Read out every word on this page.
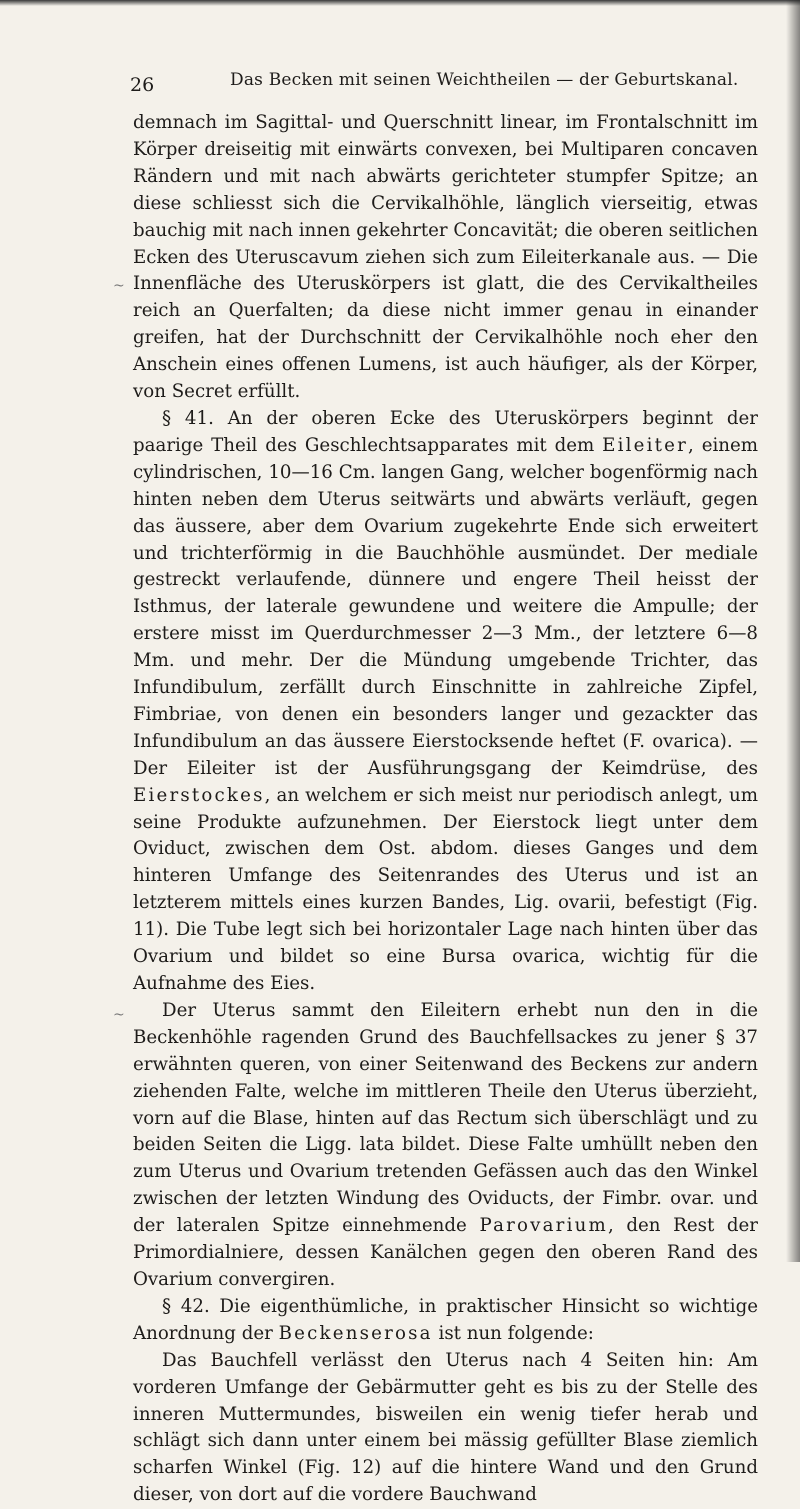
26	Das Becken mit seinen Weichtheilen — der Geburtskanal.
~
~

demnach im Sagittal- und Querschnitt linear, im Frontalschnitt im Körper dreiseitig mit einwärts convexen, bei Multiparen concaven Rändern und mit nach abwärts gerichteter stumpfer Spitze; an diese schliesst sich die Cervikalhöhle, länglich vierseitig, etwas bauchig mit nach innen gekehrter Concavität; die oberen seitlichen Ecken des Uteruscavum ziehen sich zum Eileiterkanale aus. — Die Innenfläche des Uteruskörpers ist glatt, die des Cervikaltheiles reich an Querfalten; da diese nicht immer genau in einander greifen, hat der Durchschnitt der Cervikalhöhle noch eher den Anschein eines offenen Lumens, ist auch häufiger, als der Körper, von Secret erfüllt.

§ 41. An der oberen Ecke des Uteruskörpers beginnt der paarige Theil des Geschlechtsapparates mit dem Eileiter, einem cylindrischen, 10—16 Cm. langen Gang, welcher bogenförmig nach hinten neben dem Uterus seitwärts und abwärts verläuft, gegen das äussere, aber dem Ovarium zugekehrte Ende sich erweitert und trichterförmig in die Bauchhöhle ausmündet. Der mediale gestreckt verlaufende, dünnere und engere Theil heisst der Isthmus, der laterale gewundene und weitere die Ampulle; der erstere misst im Querdurchmesser 2—3 Mm., der letztere 6—8 Mm. und mehr. Der die Mündung umgebende Trichter, das Infundibulum, zerfällt durch Einschnitte in zahlreiche Zipfel, Fimbriae, von denen ein besonders langer und gezackter das Infundibulum an das äussere Eierstocksende heftet (F. ovarica). — Der Eileiter ist der Ausführungsgang der Keimdrüse, des Eierstockes, an welchem er sich meist nur periodisch anlegt, um seine Produkte aufzunehmen. Der Eierstock liegt unter dem Oviduct, zwischen dem Ost. abdom. dieses Ganges und dem hinteren Umfange des Seitenrandes des Uterus und ist an letzterem mittels eines kurzen Bandes, Lig. ovarii, befestigt (Fig. 11). Die Tube legt sich bei horizontaler Lage nach hinten über das Ovarium und bildet so eine Bursa ovarica, wichtig für die Aufnahme des Eies.

Der Uterus sammt den Eileitern erhebt nun den in die Beckenhöhle ragenden Grund des Bauchfellsackes zu jener § 37 erwähnten queren, von einer Seitenwand des Beckens zur andern ziehenden Falte, welche im mittleren Theile den Uterus überzieht, vorn auf die Blase, hinten auf das Rectum sich überschlägt und zu beiden Seiten die Ligg. lata bildet. Diese Falte umhüllt neben den zum Uterus und Ovarium tretenden Gefässen auch das den Winkel zwischen der letzten Windung des Oviducts, der Fimbr. ovar. und der lateralen Spitze einnehmende Parovarium, den Rest der Primordialniere, dessen Kanälchen gegen den oberen Rand des Ovarium convergiren.

§ 42. Die eigenthümliche, in praktischer Hinsicht so wichtige Anordnung der Beckenserosa ist nun folgende:

Das Bauchfell verlässt den Uterus nach 4 Seiten hin: Am vorderen Umfange der Gebärmutter geht es bis zu der Stelle des inneren Muttermundes, bisweilen ein wenig tiefer herab und schlägt sich dann unter einem bei mässig gefüllter Blase ziemlich scharfen Winkel (Fig. 12) auf die hintere Wand und den Grund dieser, von dort auf die vordere Bauchwand
